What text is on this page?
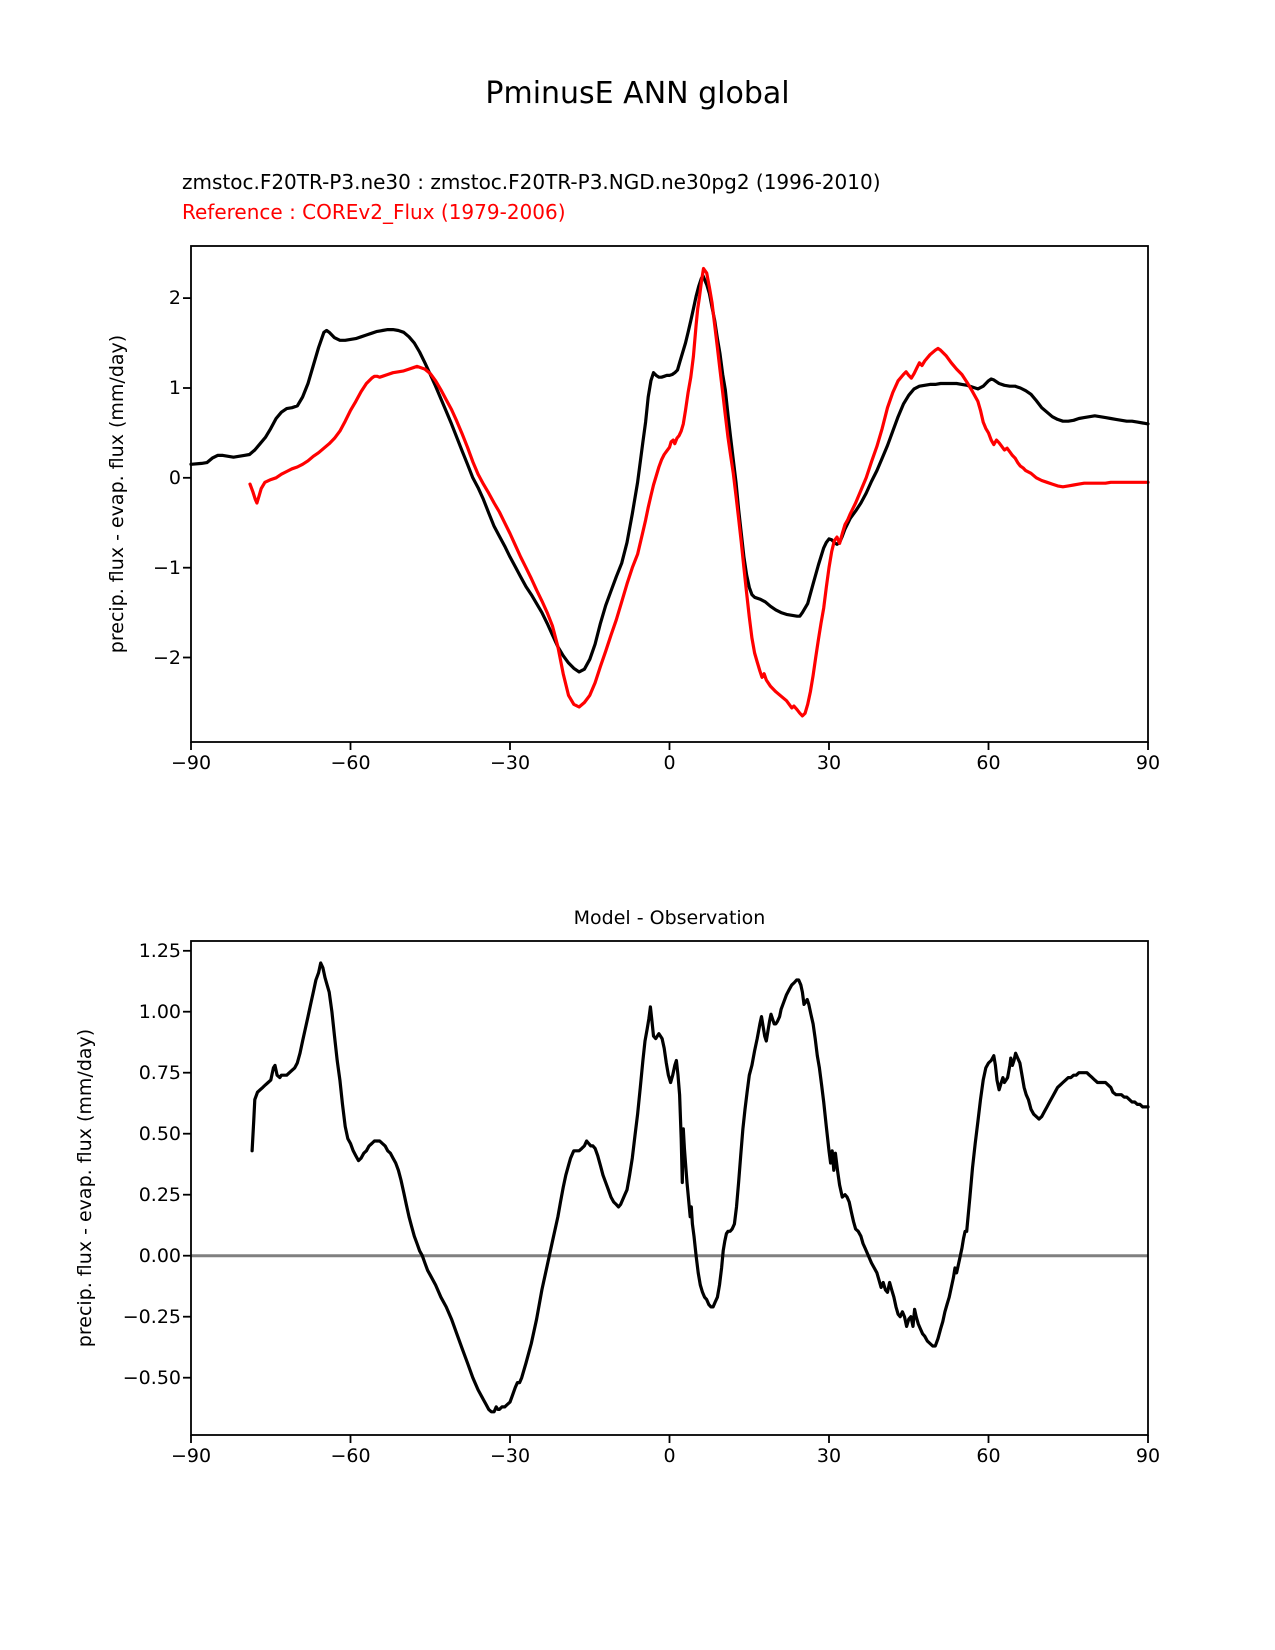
PminusE ANN global
zmstoc.F20TR-P3.ne30 : zmstoc.F20TR-P3.NGD.ne30pg2 (1996-2010)
Reference : COREv2_Flux (1979-2006)
precip. flux - evap. flux (mm/day)
Model - Observation
precip. flux - evap. flux (mm/day)
−90	−60	−30	0	30	60	90
2
1
0
−1
−2
−90	−60	−30	0	30	60	90
1.25
1.00
0.75
0.50
0.25
0.00
−0.25
−0.50
